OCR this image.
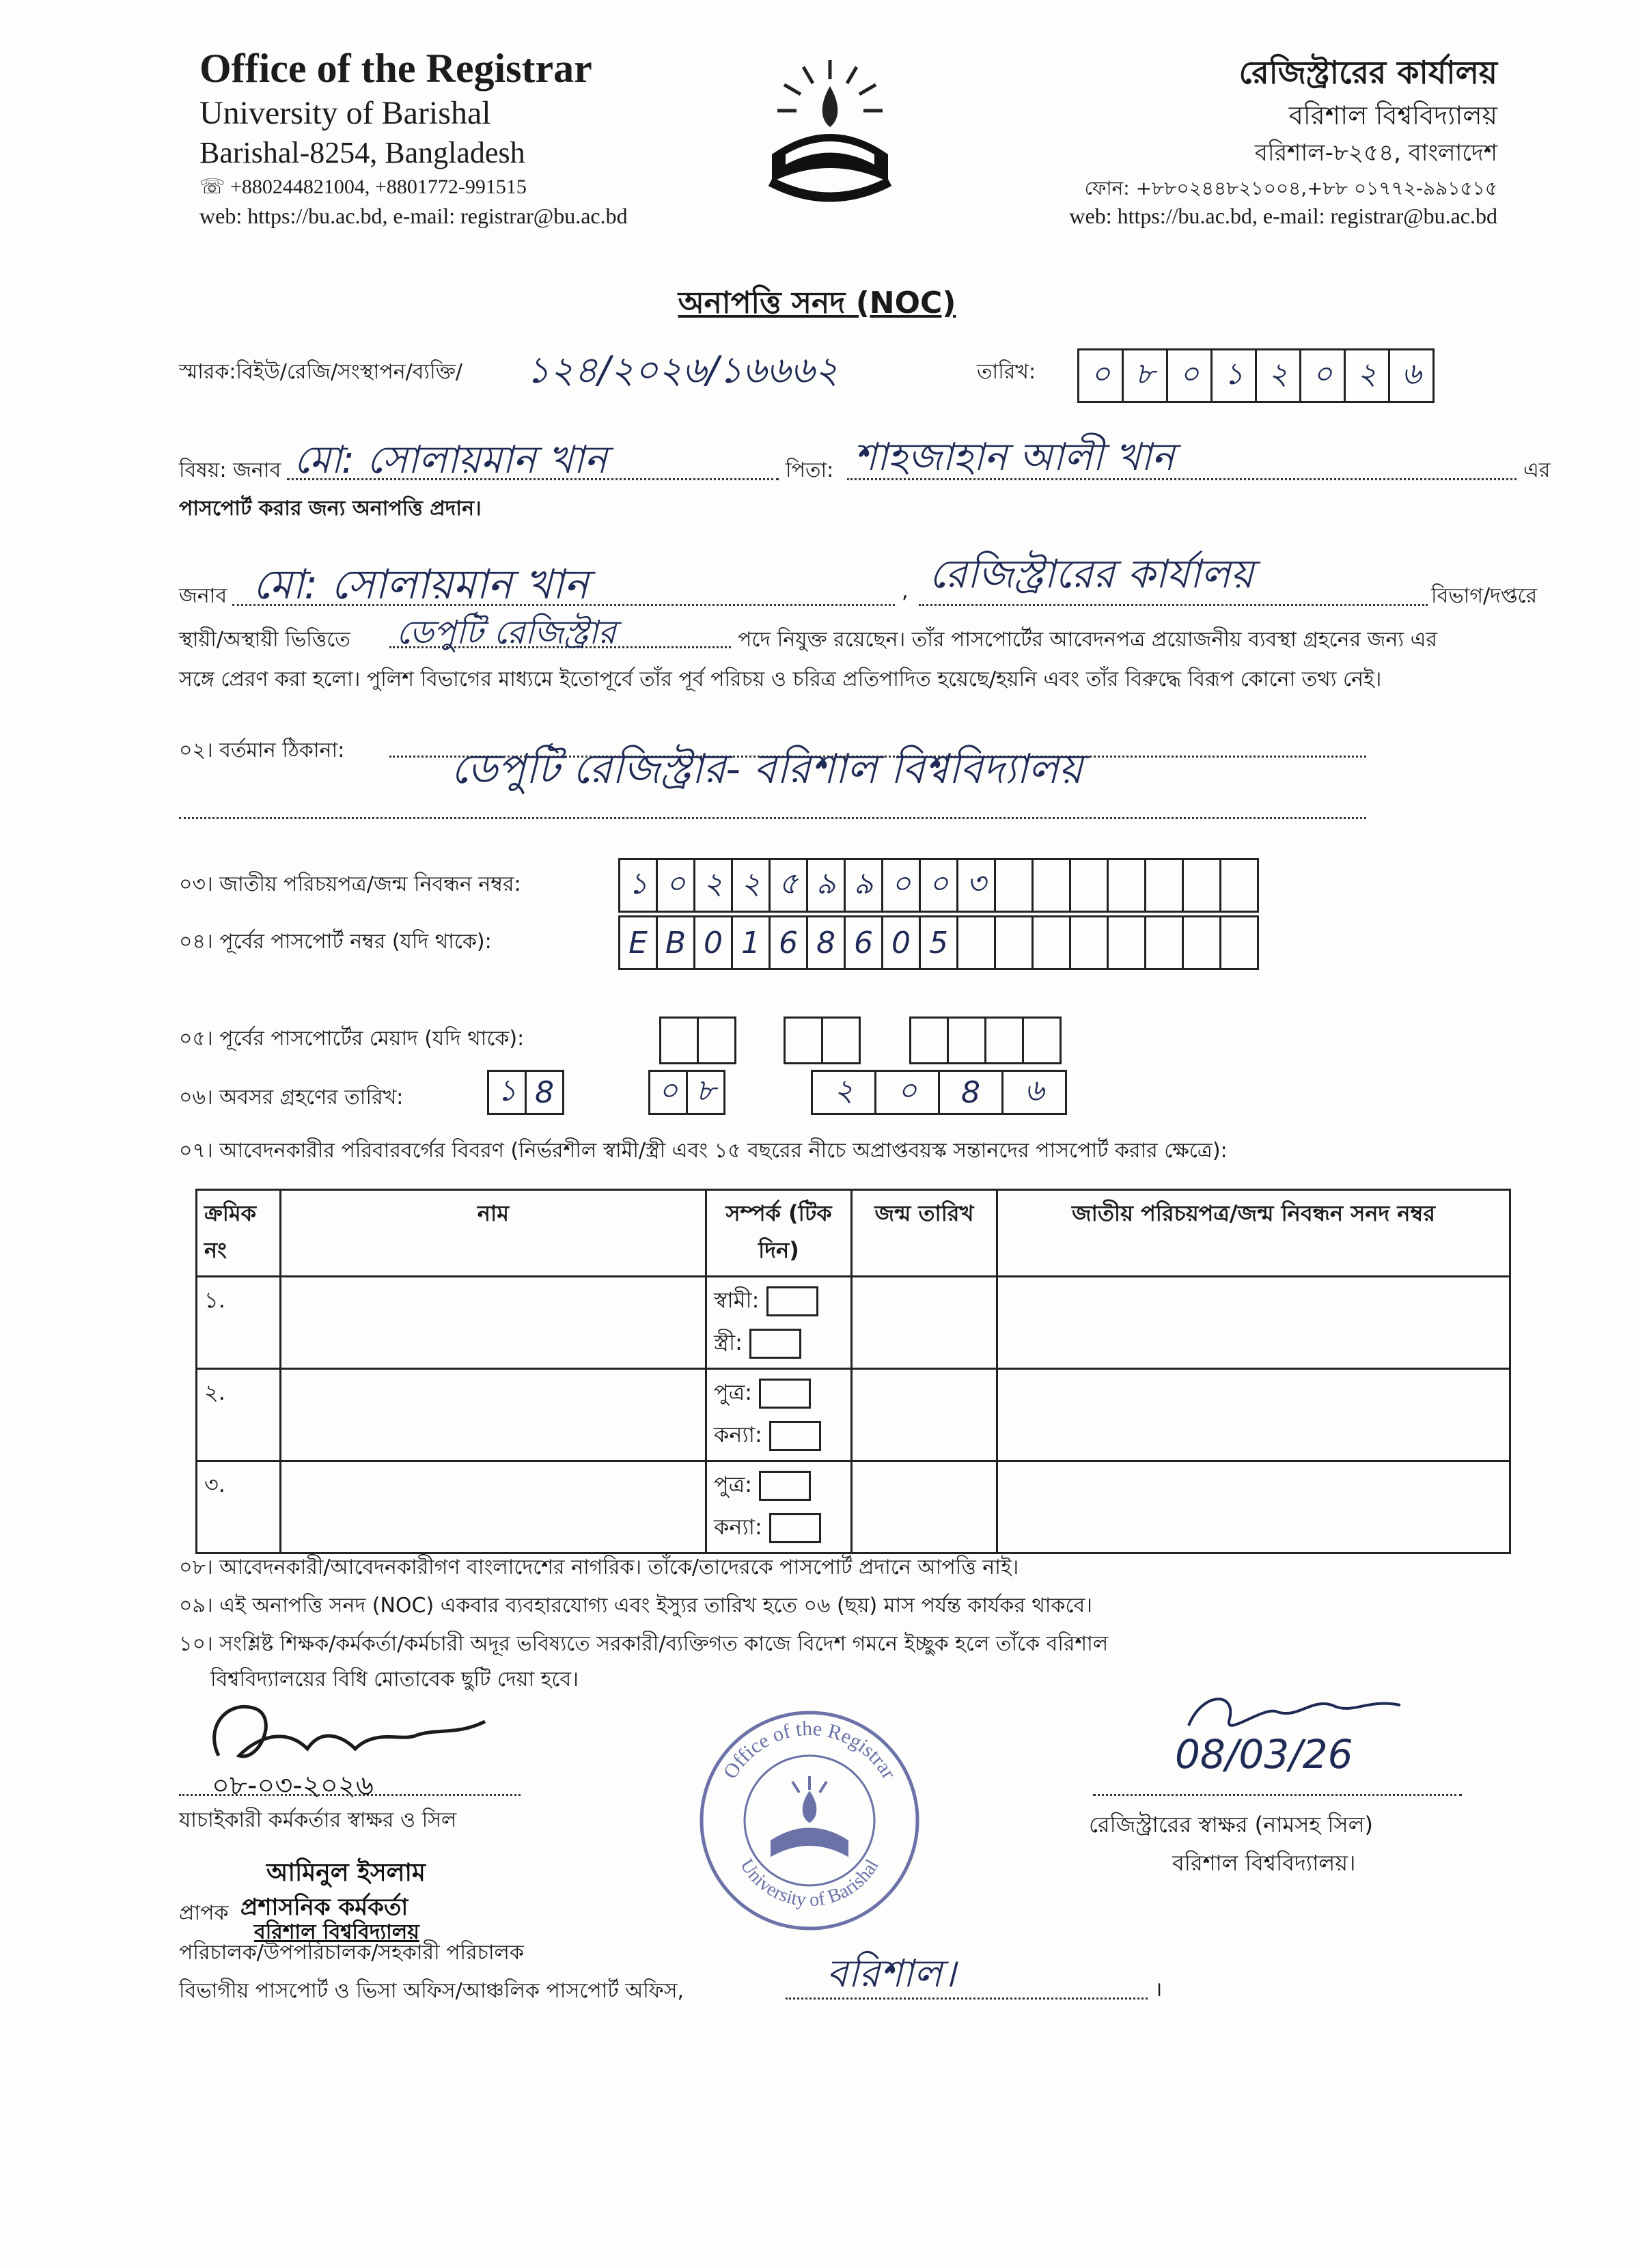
Office of the Registrar
University of Barishal
Barishal-8254, Bangladesh
☏ +880244821004, +8801772-991515
web: https://bu.ac.bd, e-mail: registrar@bu.ac.bd
রেজিস্ট্রারের কার্যালয়
বরিশাল বিশ্ববিদ্যালয়
বরিশাল-৮২৫৪, বাংলাদেশ
ফোন: +৮৮০২৪৪৮২১০০৪,+৮৮ ০১৭৭২-৯৯১৫১৫
web: https://bu.ac.bd, e-mail: registrar@bu.ac.bd
অনাপত্তি সনদ (NOC)
স্মারক:বিইউ/রেজি/সংস্থাপন/ব্যক্তি/ ১২৪/২০২৬/১৬৬৬২	তারিখ:	০ ৮ ০ ১ ২ ০ ২ ৬
বিষয়: জনাব মো: সোলায়মান খান	পিতা: শাহজাহান আলী খান	এর
পাসপোর্ট করার জন্য অনাপত্তি প্রদান।
জনাব মো: সোলায়মান খান	, রেজিস্ট্রারের কার্যালয়	বিভাগ/দপ্তরে
স্থায়ী/অস্থায়ী ভিত্তিতে ডেপুটি রেজিস্ট্রার	পদে নিযুক্ত রয়েছেন। তাঁর পাসপোর্টের আবেদনপত্র প্রয়োজনীয় ব্যবস্থা গ্রহনের জন্য এর
সঙ্গে প্রেরণ করা হলো। পুলিশ বিভাগের মাধ্যমে ইতোপূর্বে তাঁর পূর্ব পরিচয় ও চরিত্র প্রতিপাদিত হয়েছে/হয়নি এবং তাঁর বিরুদ্ধে বিরূপ কোনো তথ্য নেই।
০২। বর্তমান ঠিকানা:	ডেপুটি রেজিস্ট্রার- বরিশাল বিশ্ববিদ্যালয়
০৩। জাতীয় পরিচয়পত্র/জন্ম নিবন্ধন নম্বর:	১ ০ ২ ২ ৫ ৯ ৯ ০ ০ ৩
০৪। পূর্বের পাসপোর্ট নম্বর (যদি থাকে):	E B 0 1 6 8 6 0 5
০৫। পূর্বের পাসপোর্টের মেয়াদ (যদি থাকে):
০৬। অবসর গ্রহণের তারিখ:	১ 8	০ ৮	২	০	8	৬
০৭। আবেদনকারীর পরিবারবর্গের বিবরণ (নির্ভরশীল স্বামী/স্ত্রী এবং ১৫ বছরের নীচে অপ্রাপ্তবয়স্ক সন্তানদের পাসপোর্ট করার ক্ষেত্রে):
ক্রমিক নং	নাম	সম্পর্ক (টিক দিন)	জন্ম তারিখ	জাতীয় পরিচয়পত্র/জন্ম নিবন্ধন সনদ নম্বর
১.		স্বামী:
স্ত্রী:		

২.		পুত্র:
কন্যা:		

৩.		পুত্র:
কন্যা:		

০৮। আবেদনকারী/আবেদনকারীগণ বাংলাদেশের নাগরিক। তাঁকে/তাদেরকে পাসপোর্ট প্রদানে আপত্তি নাই।
০৯। এই অনাপত্তি সনদ (NOC) একবার ব্যবহারযোগ্য এবং ইস্যুর তারিখ হতে ০৬ (ছয়) মাস পর্যন্ত কার্যকর থাকবে।
১০। সংশ্লিষ্ট শিক্ষক/কর্মকর্তা/কর্মচারী অদূর ভবিষ্যতে সরকারী/ব্যক্তিগত কাজে বিদেশ গমনে ইচ্ছুক হলে তাঁকে বরিশাল
বিশ্ববিদ্যালয়ের বিধি মোতাবেক ছুটি দেয়া হবে।
০৮-০৩-২০২৬
যাচাইকারী কর্মকর্তার স্বাক্ষর ও সিল
আমিনুল ইসলাম
প্রাপক প্রশাসনিক কর্মকর্তা
বরিশাল বিশ্ববিদ্যালয়
পরিচালক/উপপরিচালক/সহকারী পরিচালক
বিভাগীয় পাসপোর্ট ও ভিসা অফিস/আঞ্চলিক পাসপোর্ট অফিস,	বরিশাল।	।
Office of the Registrar
University of Barishal
08/03/26
রেজিস্ট্রারের স্বাক্ষর (নামসহ সিল)
বরিশাল বিশ্ববিদ্যালয়।
